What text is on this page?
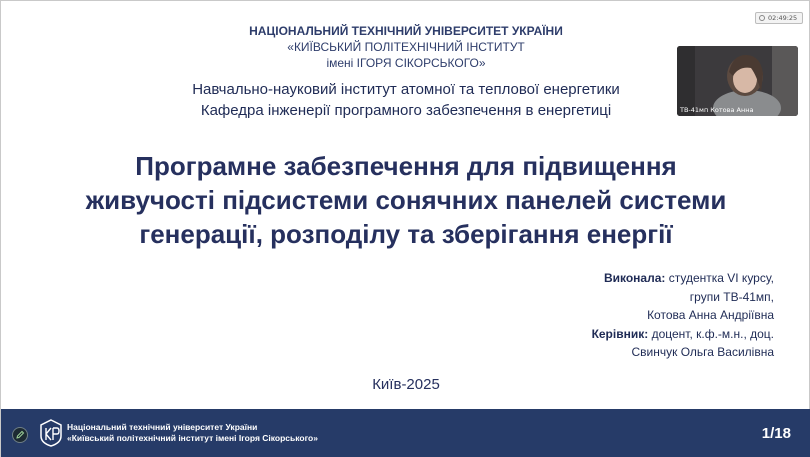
НАЦІОНАЛЬНИЙ ТЕХНІЧНИЙ УНІВЕРСИТЕТ УКРАЇНИ
«КИЇВСЬКИЙ ПОЛІТЕХНІЧНИЙ ІНСТИТУТ
імені ІГОРЯ СІКОРСЬКОГО»
Навчально-науковий інститут атомної та теплової енергетики
Кафедра інженерії програмного забезпечення в енергетиці
Програмне забезпечення для підвищення
живучості підсистеми сонячних панелей системи
генерації, розподілу та зберігання енергії
Виконала: студентка VI курсу,
групи ТВ-41мп,
Котова Анна Андріївна
Керівник: доцент, к.ф.-м.н., доц.
Свинчук Ольга Василівна
Київ-2025
Національний технічний університет України
«Київський політехнічний інститут імені Ігоря Сікорського»	1/18
ТВ-41мп Котова Анна
02:49:25
